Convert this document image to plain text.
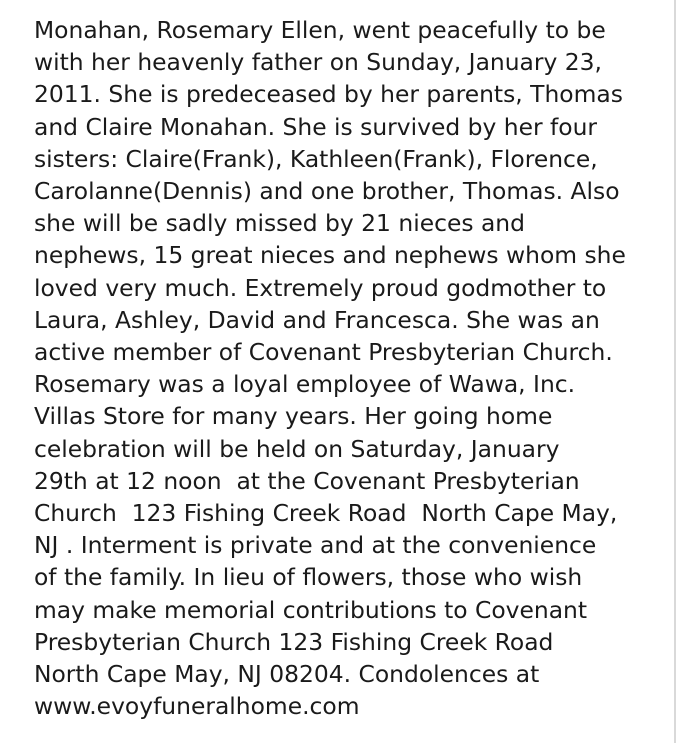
Monahan, Rosemary Ellen, went peacefully to be
with her heavenly father on Sunday, January 23,
2011. She is predeceased by her parents, Thomas
and Claire Monahan. She is survived by her four
sisters: Claire(Frank), Kathleen(Frank), Florence,
Carolanne(Dennis) and one brother, Thomas. Also
she will be sadly missed by 21 nieces and
nephews, 15 great nieces and nephews whom she
loved very much. Extremely proud godmother to
Laura, Ashley, David and Francesca. She was an
active member of Covenant Presbyterian Church.
Rosemary was a loyal employee of Wawa, Inc.
Villas Store for many years. Her going home
celebration will be held on Saturday, January
29th at 12 noon  at the Covenant Presbyterian
Church  123 Fishing Creek Road  North Cape May,
NJ . Interment is private and at the convenience
of the family. In lieu of flowers, those who wish
may make memorial contributions to Covenant
Presbyterian Church 123 Fishing Creek Road
North Cape May, NJ 08204. Condolences at
www.evoyfuneralhome.com
